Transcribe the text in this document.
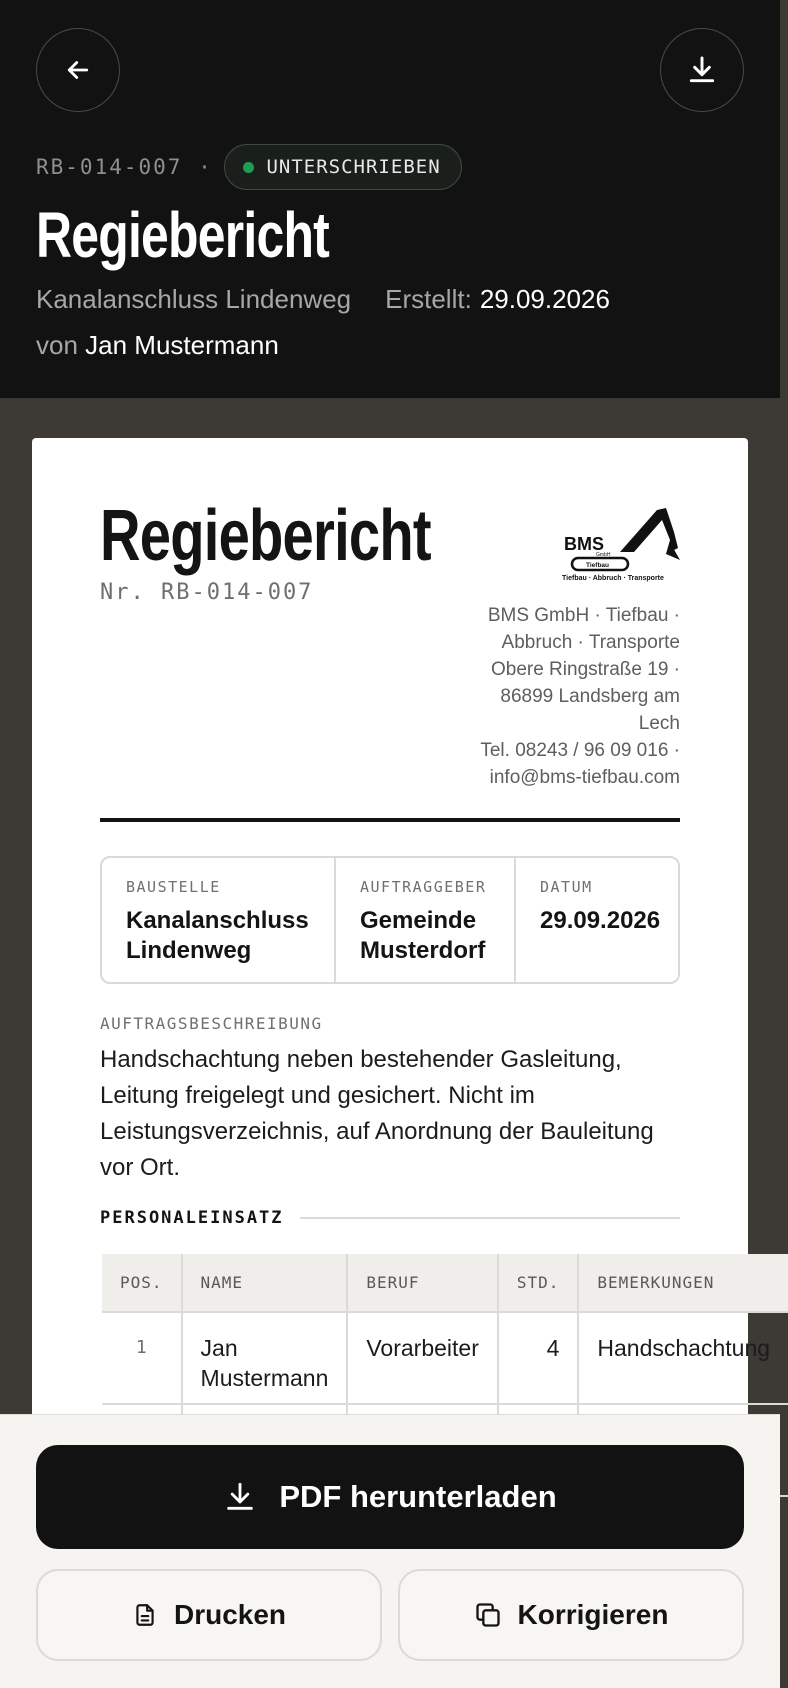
RB-014-007 ·	UNTERSCHRIEBEN
Regiebericht
Kanalanschluss Lindenweg Erstellt: 29.09.2026
von Jan Mustermann
Regiebericht
Nr. RB-014-007
BMS
GmbH
Tiefbau
Tiefbau · Abbruch · Transporte
BMS GmbH · Tiefbau ·
Abbruch · Transporte
Obere Ringstraße 19 ·
86899 Landsberg am
Lech
Tel. 08243 / 96 09 016 ·
info@bms-tiefbau.com
BAUSTELLE
Kanalanschluss Lindenweg
AUFTRAGGEBER
Gemeinde Musterdorf
DATUM
29.09.2026
AUFTRAGSBESCHREIBUNG
Handschachtung neben bestehender Gasleitung, Leitung freigelegt und gesichert. Nicht im Leistungsverzeichnis, auf Anordnung der Bauleitung vor Ort.
PERSONALEINSATZ
POS.	NAME	BERUF	STD.	BEMERKUNGEN
1	Jan Mustermann	Vorarbeiter	4	Handschachtung

PDF herunterladen
Drucken	Korrigieren
